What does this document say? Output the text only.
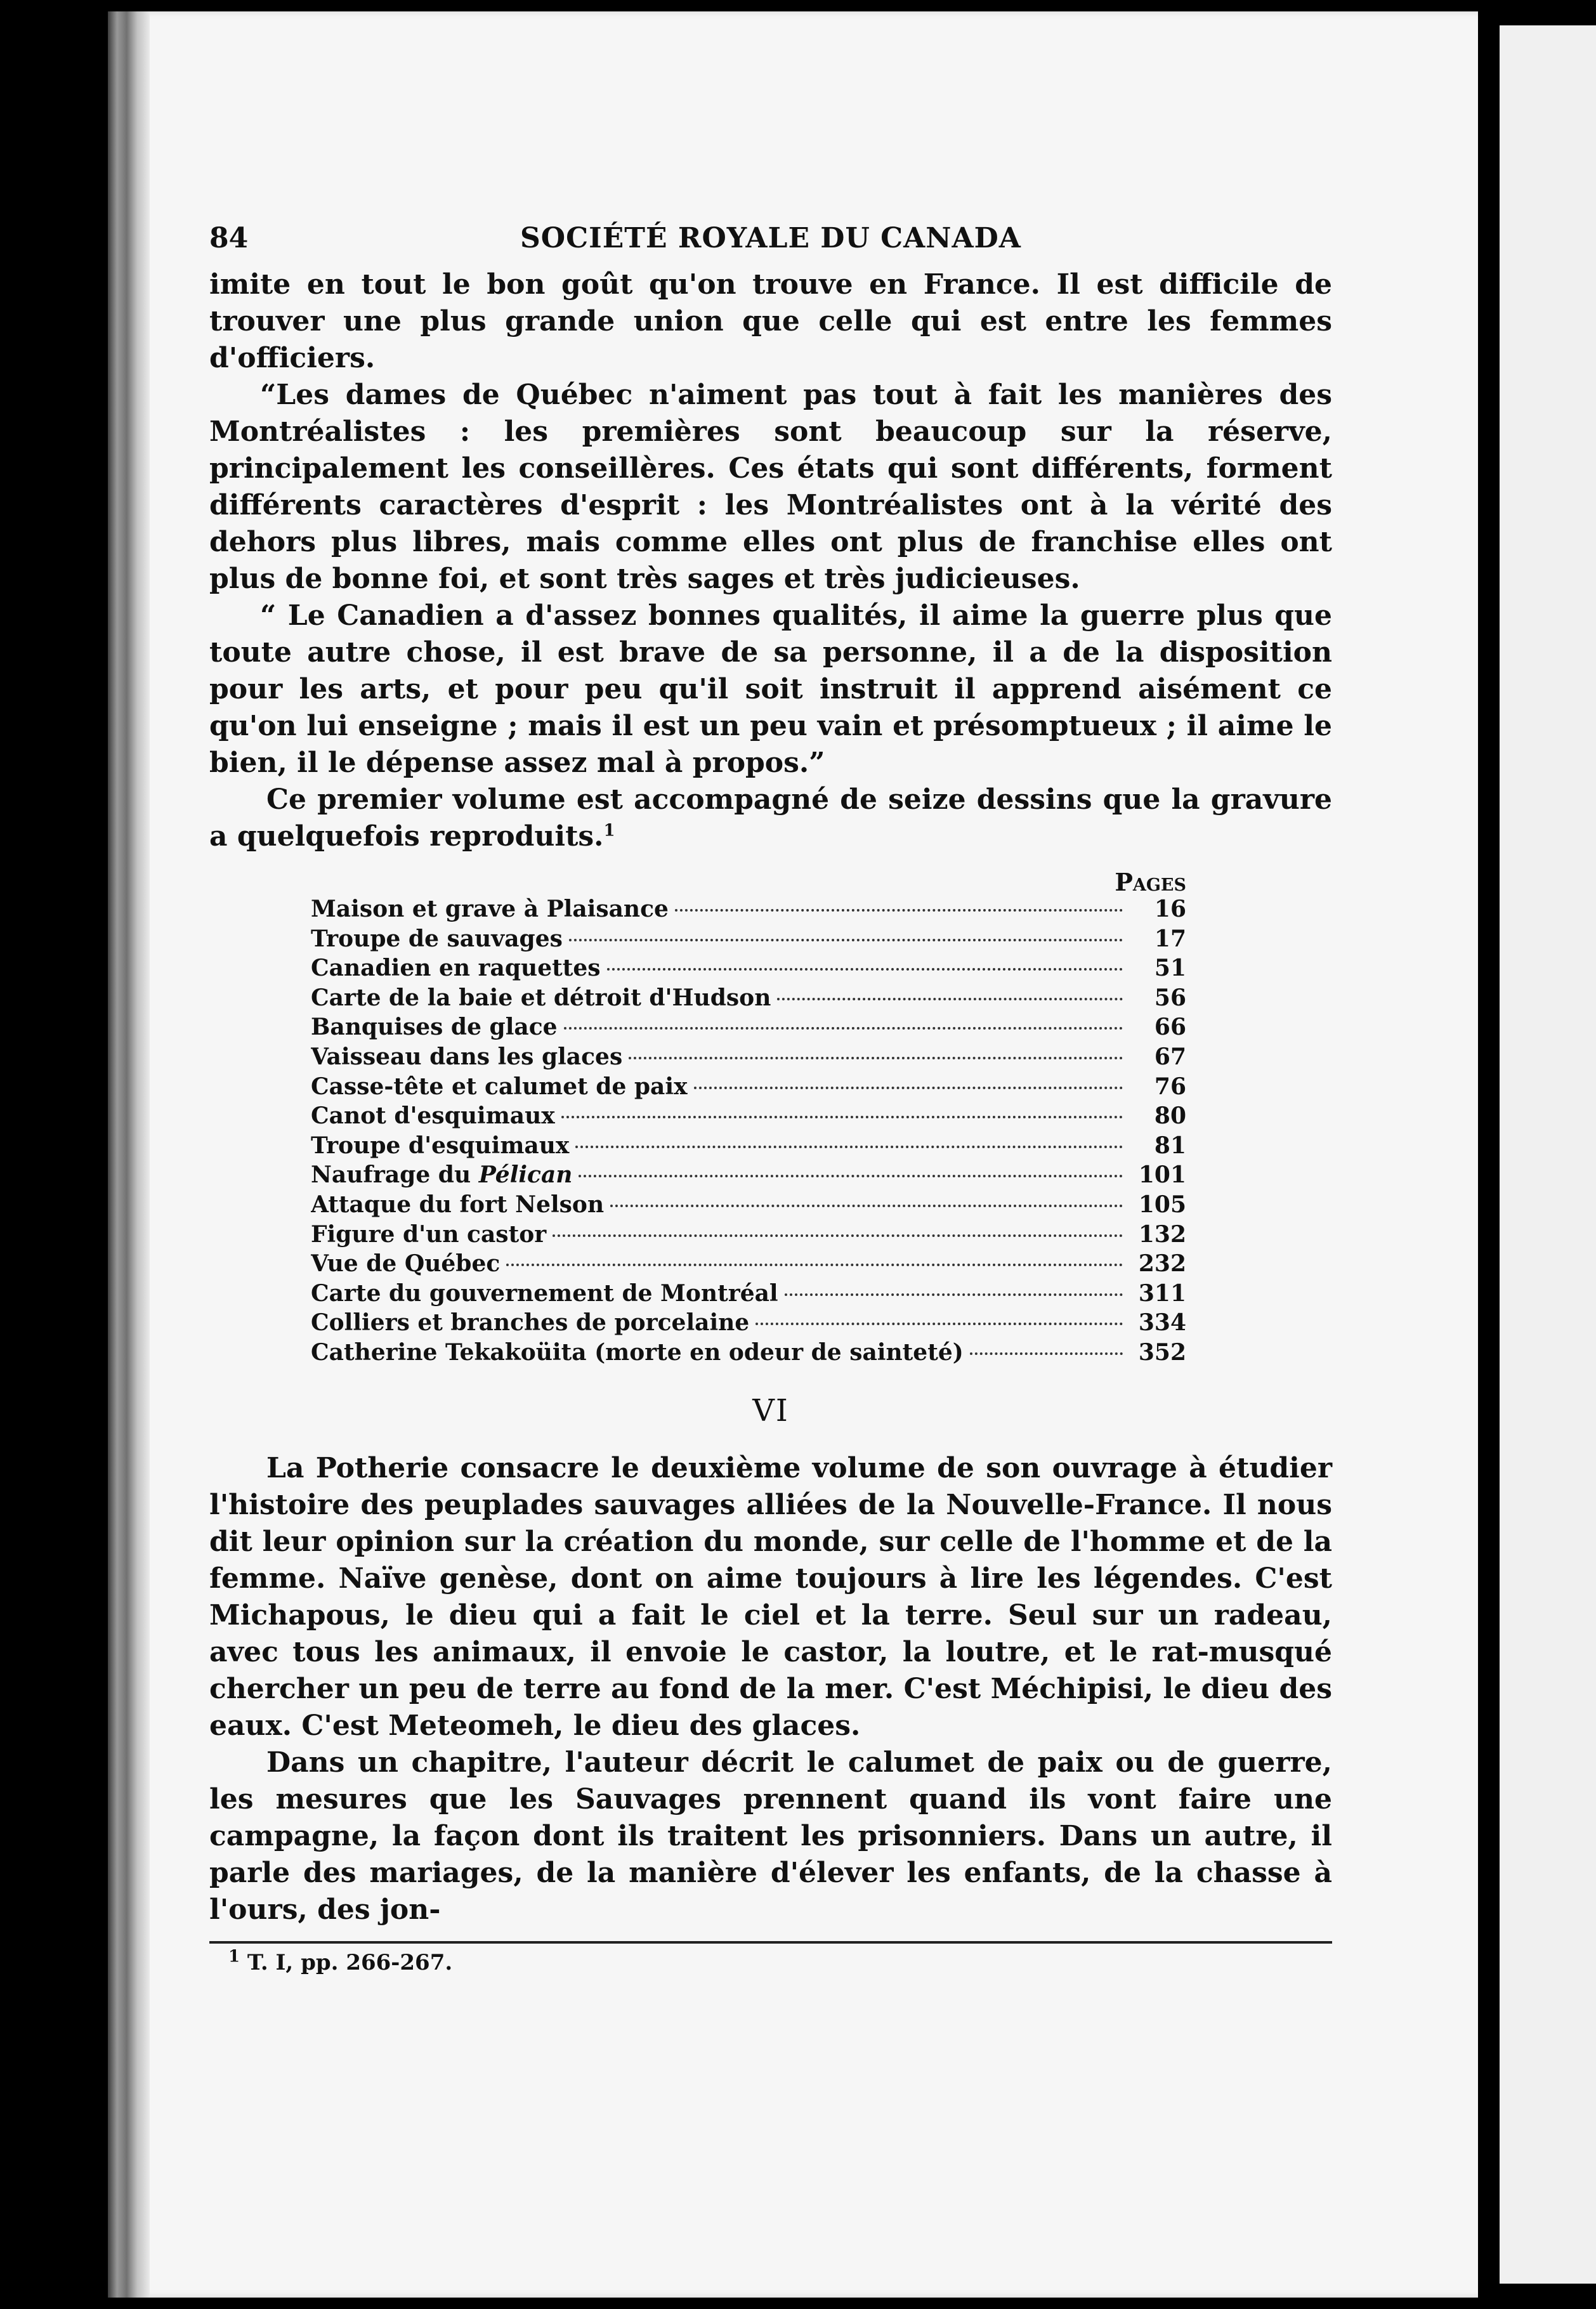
84	SOCIÉTÉ ROYALE DU CANADA

imite en tout le bon goût qu'on trouve en France. Il est difficile de trouver une plus grande union que celle qui est entre les femmes d'officiers.

“Les dames de Québec n'aiment pas tout à fait les manières des Montréalistes : les premières sont beaucoup sur la réserve, principalement les conseillères. Ces états qui sont différents, forment différents caractères d'esprit : les Montréalistes ont à la vérité des dehors plus libres, mais comme elles ont plus de franchise elles ont plus de bonne foi, et sont très sages et très judicieuses.

“ Le Canadien a d'assez bonnes qualités, il aime la guerre plus que toute autre chose, il est brave de sa personne, il a de la disposition pour les arts, et pour peu qu'il soit instruit il apprend aisément ce qu'on lui enseigne ; mais il est un peu vain et présomptueux ; il aime le bien, il le dépense assez mal à propos.”

Ce premier volume est accompagné de seize dessins que la gravure a quelquefois reproduits.$^1$

Pages
Maison et grave à Plaisance	16
Troupe de sauvages	17
Canadien en raquettes	51
Carte de la baie et détroit d'Hudson	56
Banquises de glace	66
Vaisseau dans les glaces	67
Casse-tête et calumet de paix	76
Canot d'esquimaux	80
Troupe d'esquimaux	81
Naufrage du Pélican	101
Attaque du fort Nelson	105
Figure d'un castor	132
Vue de Québec	232
Carte du gouvernement de Montréal	311
Colliers et branches de porcelaine	334
Catherine Tekakoüita (morte en odeur de sainteté)	352
VI

La Potherie consacre le deuxième volume de son ouvrage à étudier l'histoire des peuplades sauvages alliées de la Nouvelle-France. Il nous dit leur opinion sur la création du monde, sur celle de l'homme et de la femme. Naïve genèse, dont on aime toujours à lire les légendes. C'est Michapous, le dieu qui a fait le ciel et la terre. Seul sur un radeau, avec tous les animaux, il envoie le castor, la loutre, et le rat-musqué chercher un peu de terre au fond de la mer. C'est Méchipisi, le dieu des eaux. C'est Meteomeh, le dieu des glaces.

Dans un chapitre, l'auteur décrit le calumet de paix ou de guerre, les mesures que les Sauvages prennent quand ils vont faire une campagne, la façon dont ils traitent les prisonniers. Dans un autre, il parle des mariages, de la manière d'élever les enfants, de la chasse à l'ours, des jon-

$^1$ T. I, pp. 266-267.
